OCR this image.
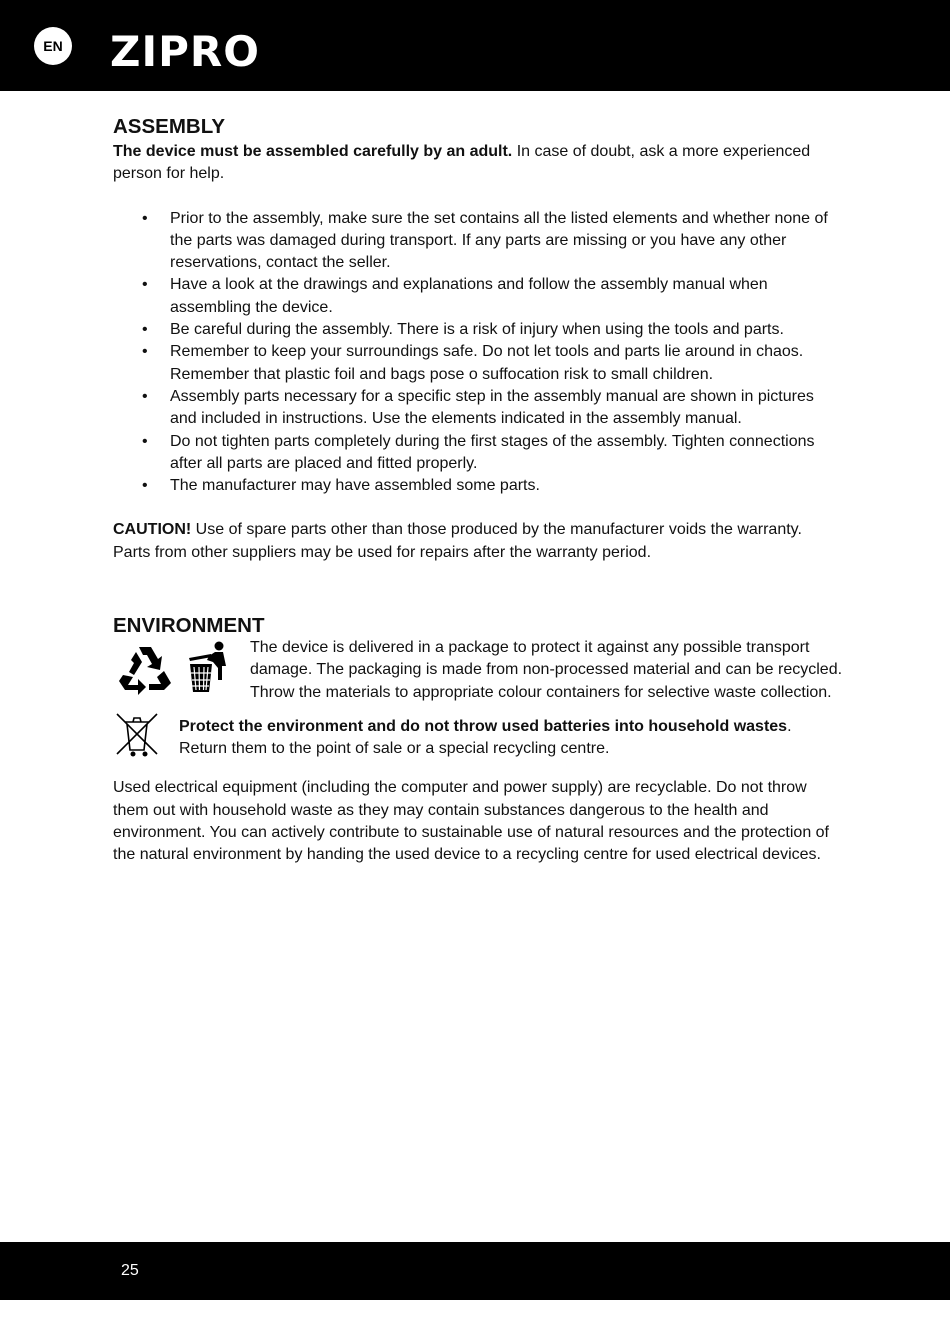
EN ZIPRO
ASSEMBLY

The device must be assembled carefully by an adult. In case of doubt, ask a more experienced person for help.

• Prior to the assembly, make sure the set contains all the listed elements and whether none of the parts was damaged during transport. If any parts are missing or you have any other reservations, contact the seller.
• Have a look at the drawings and explanations and follow the assembly manual when assembling the device.
• Be careful during the assembly. There is a risk of injury when using the tools and parts.
• Remember to keep your surroundings safe. Do not let tools and parts lie around in chaos. Remember that plastic foil and bags pose o suffocation risk to small children.
• Assembly parts necessary for a specific step in the assembly manual are shown in pictures and included in instructions. Use the elements indicated in the assembly manual.
• Do not tighten parts completely during the first stages of the assembly. Tighten connections after all parts are placed and fitted properly.
• The manufacturer may have assembled some parts.

CAUTION! Use of spare parts other than those produced by the manufacturer voids the warranty. Parts from other suppliers may be used for repairs after the warranty period.

ENVIRONMENT

The device is delivered in a package to protect it against any possible transport damage. The packaging is made from non-processed material and can be recycled. Throw the materials to appropriate colour containers for selective waste collection.

Protect the environment and do not throw used batteries into household wastes. Return them to the point of sale or a special recycling centre.

Used electrical equipment (including the computer and power supply) are recyclable. Do not throw them out with household waste as they may contain substances dangerous to the health and environment. You can actively contribute to sustainable use of natural resources and the protection of the natural environment by handing the used device to a recycling centre for used electrical devices.

25
